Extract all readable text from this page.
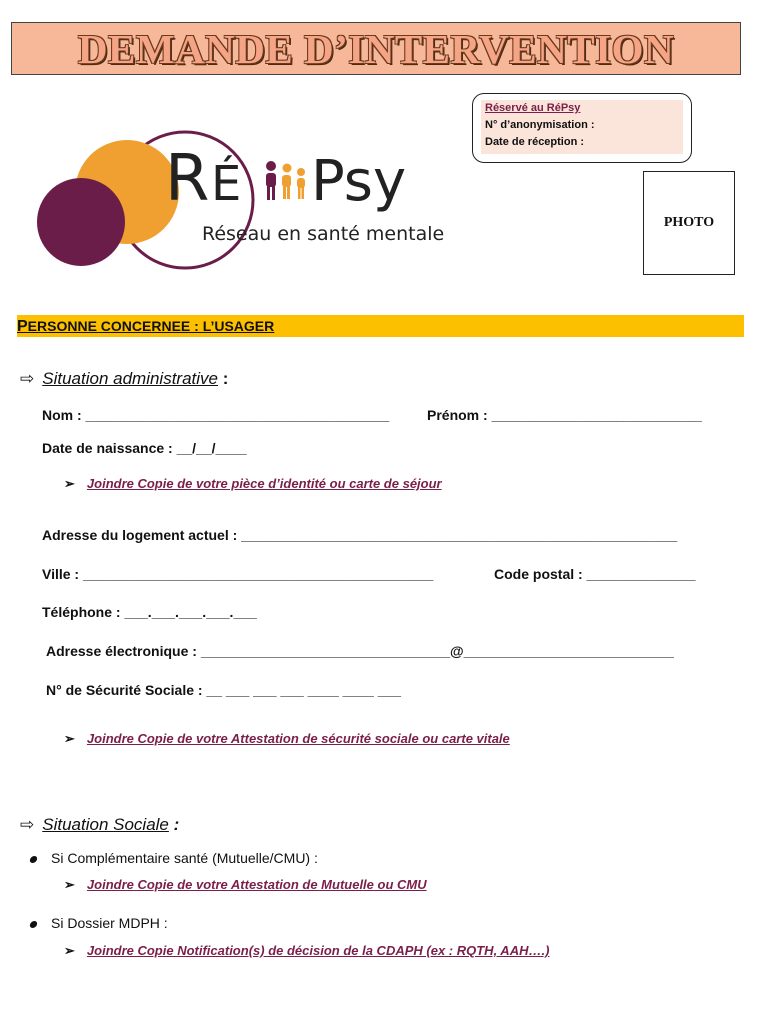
DEMANDE D’INTERVENTION
R É Psy
Réseau en santé mentale
Réservé au RéPsy
N° d’anonymisation :
Date de réception :
PHOTO
PERSONNE CONCERNEE : L’USAGER
⇨ Situation administrative :
Nom : _______________________________________	Prénom : ___________________________
Date de naissance : __/__/____
➢ Joindre Copie de votre pièce d’identité ou carte de séjour
Adresse du logement actuel : ________________________________________________________
Ville : _____________________________________________	Code postal : ______________
Téléphone : ___.___.___.___.___
Adresse électronique : ________________________________@___________________________
N° de Sécurité Sociale : __ ___ ___ ___ ____ ____ ___
➢ Joindre Copie de votre Attestation de sécurité sociale ou carte vitale
⇨ Situation Sociale :
Si Complémentaire santé (Mutuelle/CMU) :
➢ Joindre Copie de votre Attestation de Mutuelle ou CMU
Si Dossier MDPH :
➢ Joindre Copie Notification(s) de décision de la CDAPH (ex : RQTH, AAH….)
